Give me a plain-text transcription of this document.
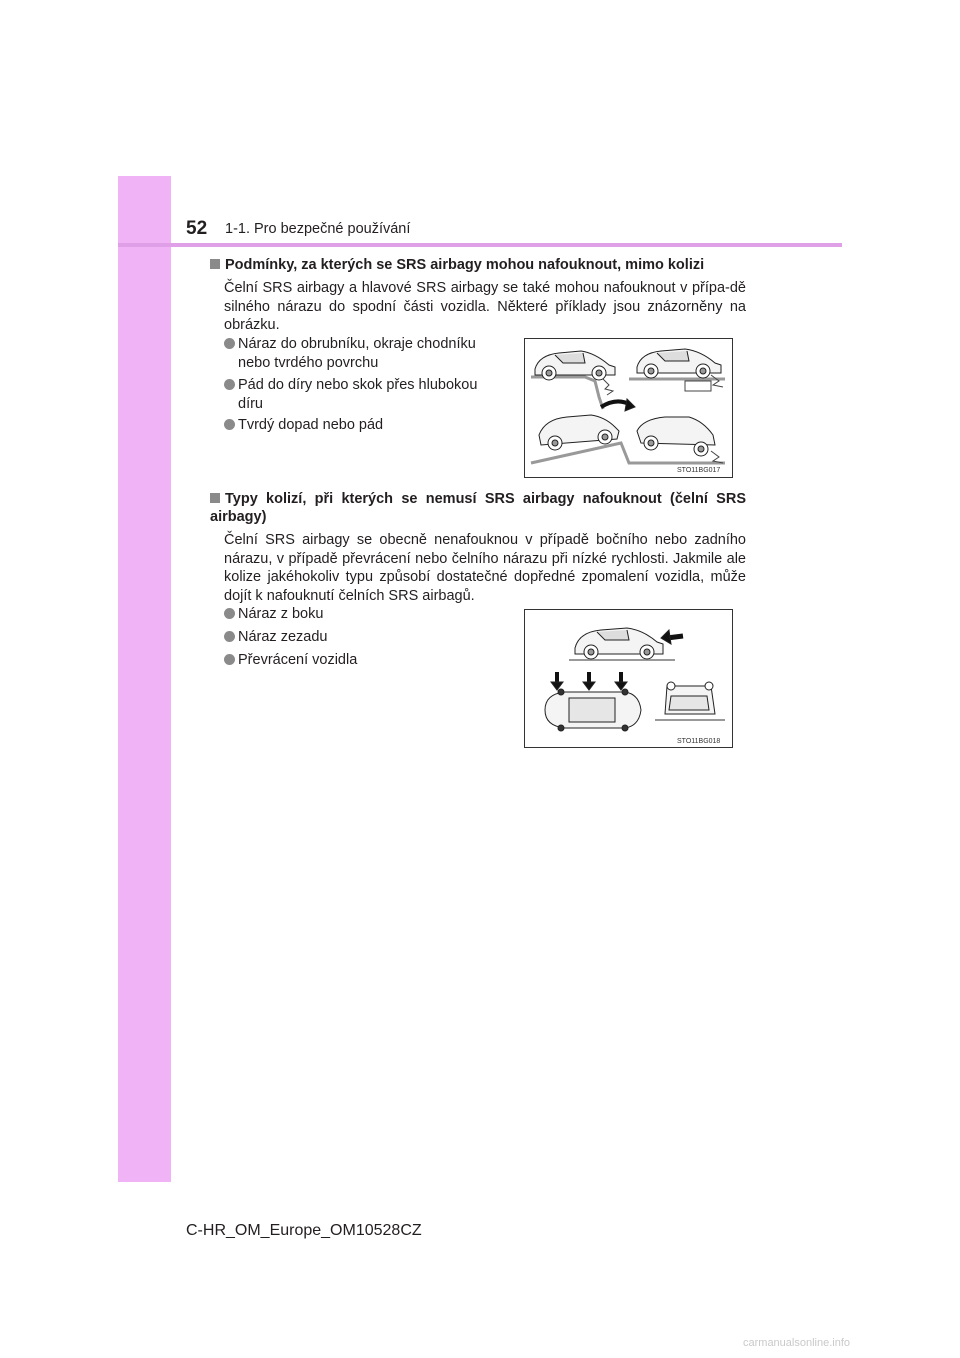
52 1-1. Pro bezpečné používání
Podmínky, za kterých se SRS airbagy mohou nafouknout, mimo kolizi

Čelní SRS airbagy a hlavové SRS airbagy se také mohou nafouknout v přípa-dě silného nárazu do spodní části vozidla. Některé příklady jsou znázorněny na obrázku.

Náraz do obrubníku, okraje chodníku
nebo tvrdého povrchu
Pád do díry nebo skok přes hlubokou
díru
Tvrdý dopad nebo pád
STO11BG017
Typy kolizí, při kterých se nemusí SRS airbagy nafouknout (čelní SRS airbagy)

Čelní SRS airbagy se obecně nenafouknou v případě bočního nebo zadního nárazu, v případě převrácení nebo čelního nárazu při nízké rychlosti. Jakmile ale kolize jakéhokoliv typu způsobí dostatečné dopředné zpomalení vozidla, může dojít k nafouknutí čelních SRS airbagů.

Náraz z boku
Náraz zezadu
Převrácení vozidla
STO11BG018
C-HR_OM_Europe_OM10528CZ
carmanualsonline.info
